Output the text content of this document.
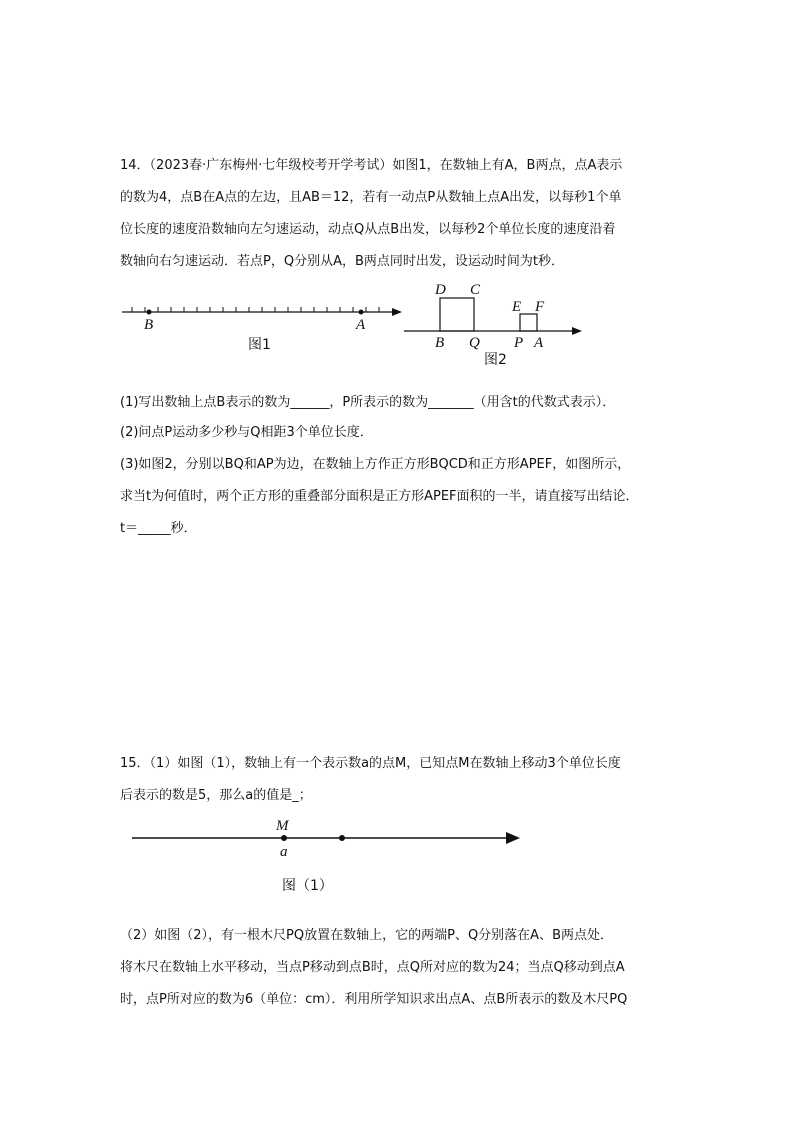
14．（2023春·广东梅州·七年级校考开学考试）如图1，在数轴上有A，B两点，点A表示
的数为4，点B在A点的左边，且AB＝12，若有一动点P从数轴上点A出发，以每秒1个单
位长度的速度沿数轴向左匀速运动，动点Q从点B出发，以每秒2个单位长度的速度沿着
数轴向右匀速运动．若点P，Q分别从A，B两点同时出发，设运动时间为t秒．
B	A
图1
D C
E F
B Q P A
图2
(1)写出数轴上点B表示的数为______，P所表示的数为_______（用含t的代数式表示）．
(2)问点P运动多少秒与Q相距3个单位长度．
(3)如图2，分别以BQ和AP为边，在数轴上方作正方形BQCD和正方形APEF，如图所示，
求当t为何值时，两个正方形的重叠部分面积是正方形APEF面积的一半，请直接写出结论．
t＝_____秒．
15．（1）如图（1），数轴上有一个表示数a的点M，已知点M在数轴上移动3个单位长度
后表示的数是5，那么a的值是_；
M
a
图（1）
（2）如图（2），有一根木尺PQ放置在数轴上，它的两端P、Q分别落在A、B两点处．
将木尺在数轴上水平移动，当点P移动到点B时，点Q所对应的数为24；当点Q移动到点A
时，点P所对应的数为6（单位：cm）．利用所学知识求出点A、点B所表示的数及木尺PQ
